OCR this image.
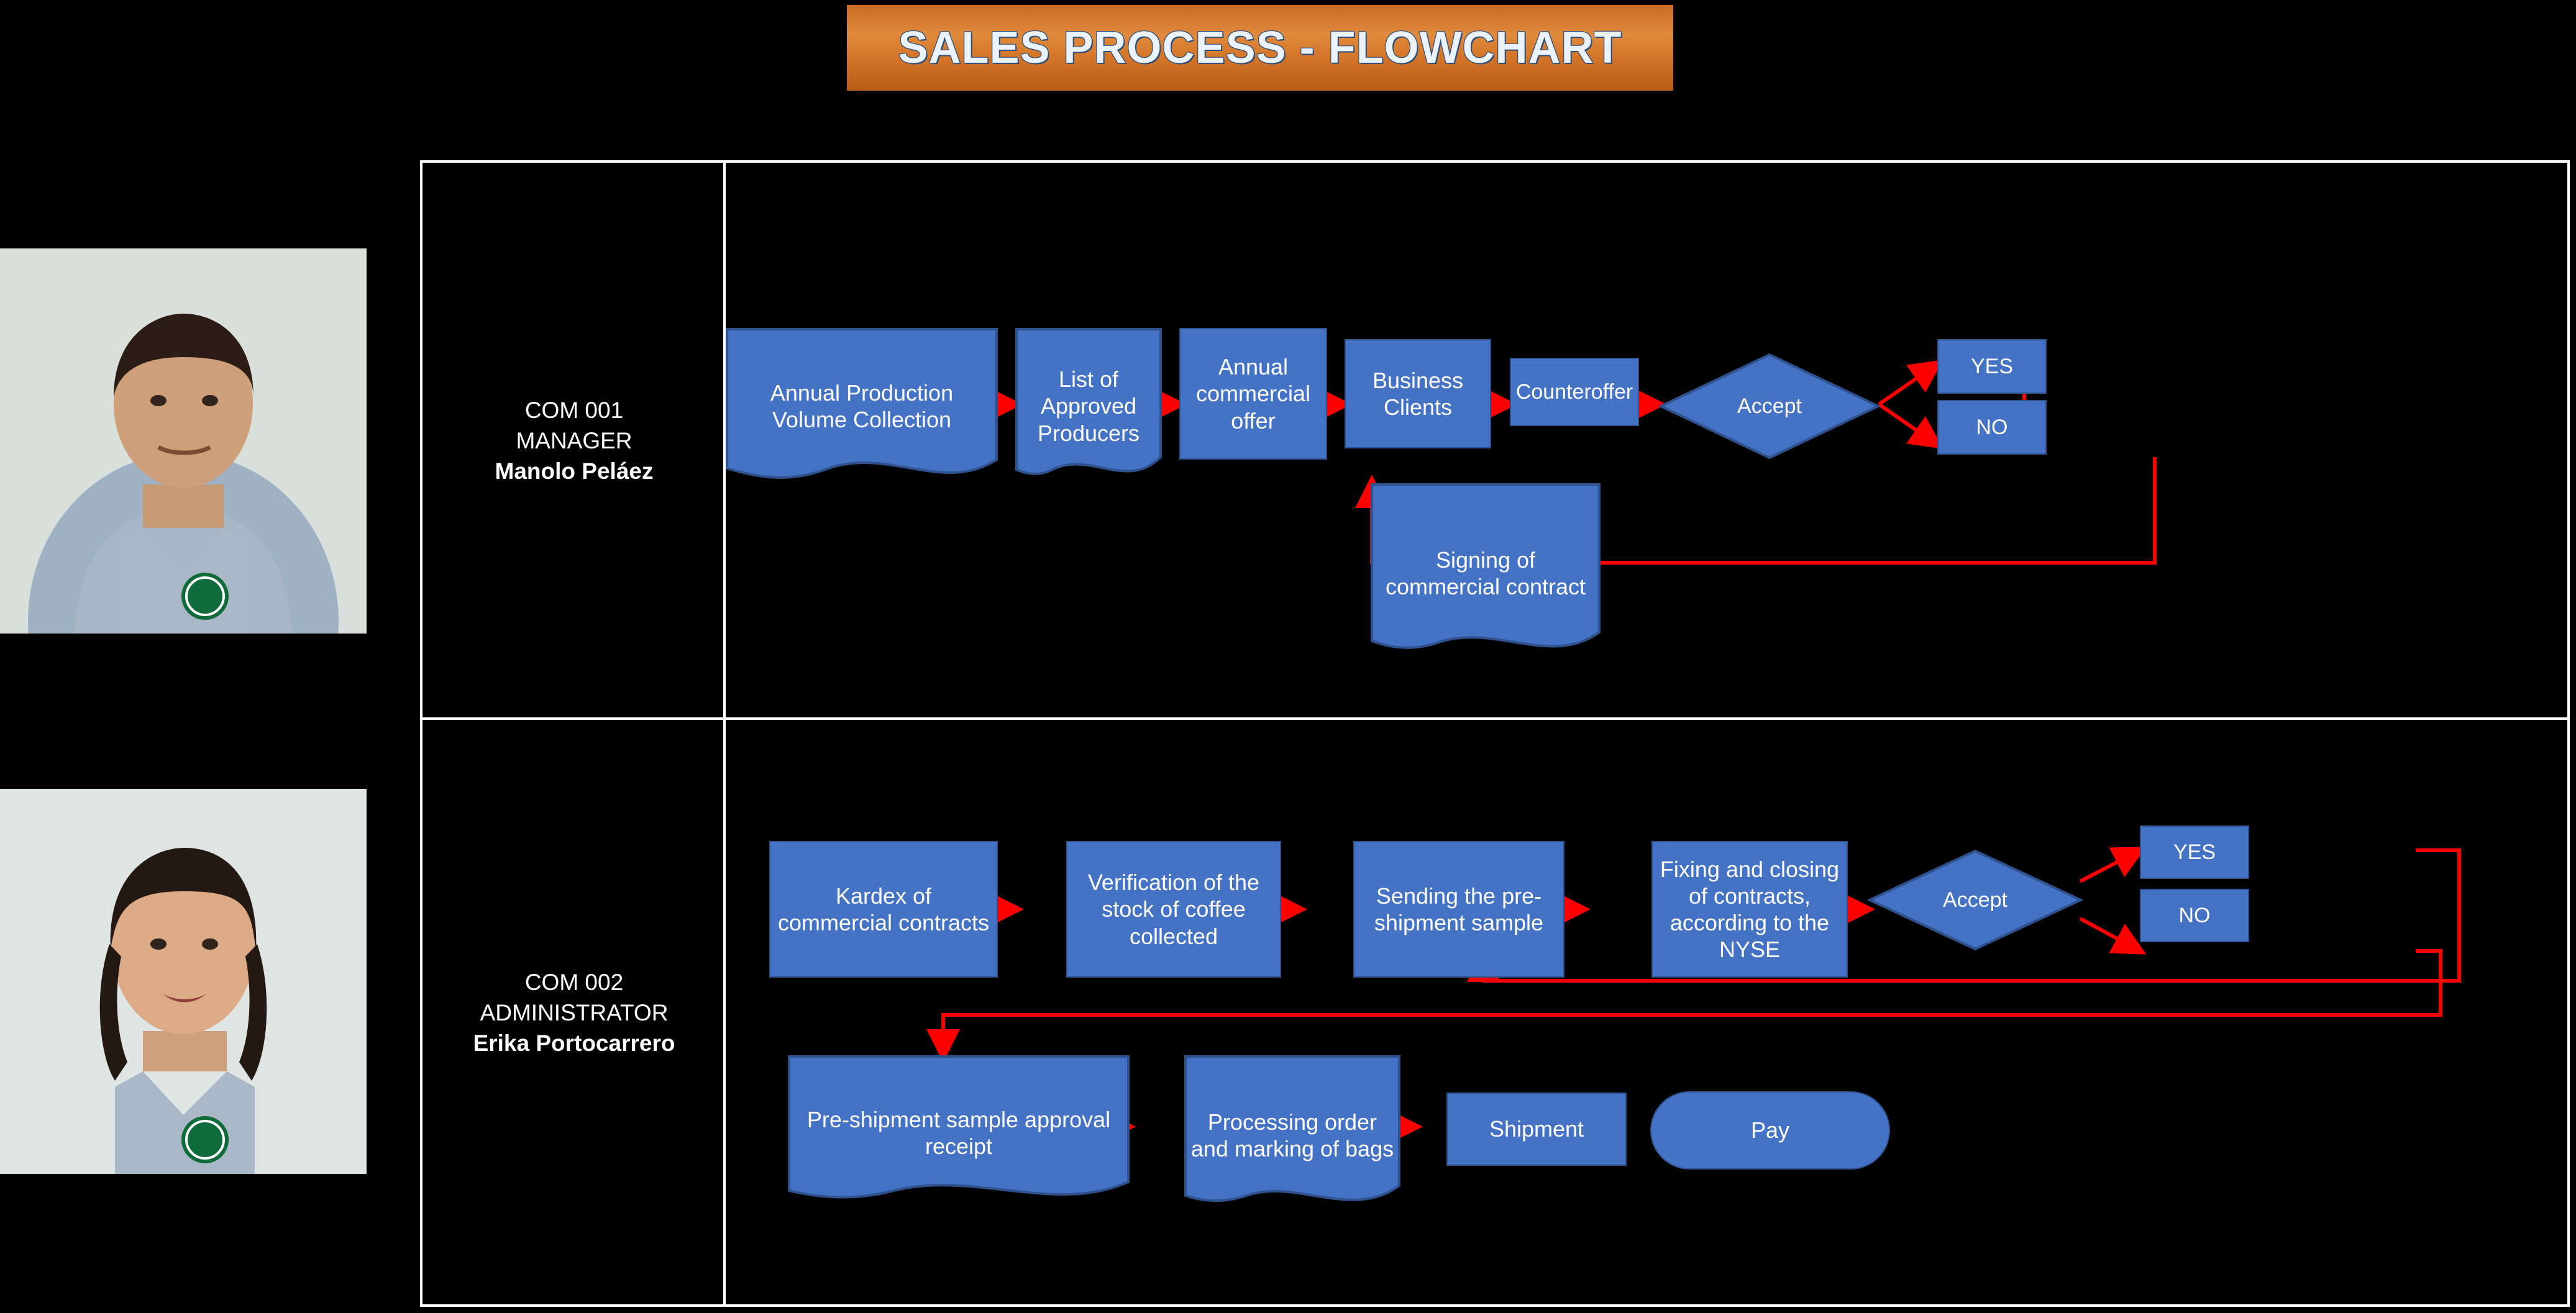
SALES PROCESS - FLOWCHART
COM 001
MANAGER
Manolo Peláez
Annual Production Volume Collection
List of Approved Producers
Annual commercial offer
Business Clients
Counteroffer
Accept
YES
NO
Signing of commercial contract
COM 002
ADMINISTRATOR
Erika Portocarrero
Kardex of commercial contracts
Verification of the stock of coffee collected
Sending the pre-shipment sample
Fixing and closing of contracts, according to the NYSE
Accept
YES
NO
Pre-shipment sample approval receipt
Processing order and marking of bags
Shipment	Pay
